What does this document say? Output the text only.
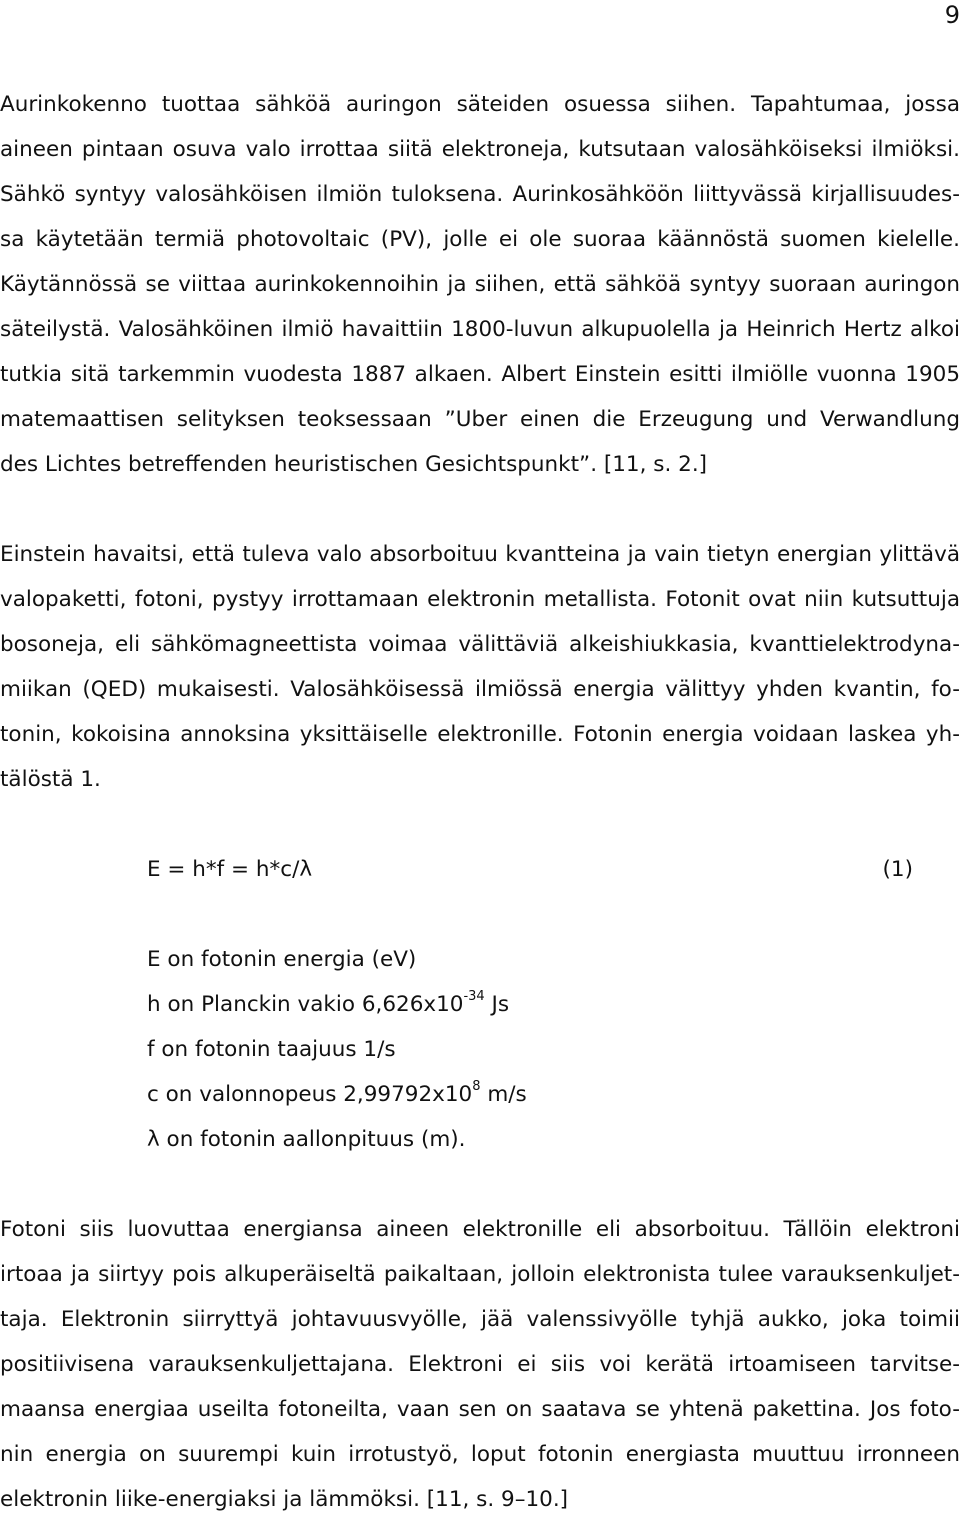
9
Aurinkokenno tuottaa sähköä auringon säteiden osuessa siihen. Tapahtumaa, jossa
aineen pintaan osuva valo irrottaa siitä elektroneja, kutsutaan valosähköiseksi ilmiöksi.
Sähkö syntyy valosähköisen ilmiön tuloksena. Aurinkosähköön liittyvässä kirjallisuudes-
sa käytetään termiä photovoltaic (PV), jolle ei ole suoraa käännöstä suomen kielelle.
Käytännössä se viittaa aurinkokennoihin ja siihen, että sähköä syntyy suoraan auringon
säteilystä. Valosähköinen ilmiö havaittiin 1800-luvun alkupuolella ja Heinrich Hertz alkoi
tutkia sitä tarkemmin vuodesta 1887 alkaen. Albert Einstein esitti ilmiölle vuonna 1905
matemaattisen selityksen teoksessaan ”Uber einen die Erzeugung und Verwandlung
des Lichtes betreffenden heuristischen Gesichtspunkt”. [11, s. 2.]
Einstein havaitsi, että tuleva valo absorboituu kvantteina ja vain tietyn energian ylittävä
valopaketti, fotoni, pystyy irrottamaan elektronin metallista. Fotonit ovat niin kutsuttuja
bosoneja, eli sähkömagneettista voimaa välittäviä alkeishiukkasia, kvanttielektrodyna-
miikan (QED) mukaisesti. Valosähköisessä ilmiössä energia välittyy yhden kvantin, fo-
tonin, kokoisina annoksina yksittäiselle elektronille. Fotonin energia voidaan laskea yh-
tälöstä 1.
E = h*f = h*c/λ	(1)
E on fotonin energia (eV)
h on Planckin vakio $6,626x10^{-34}$ Js
f on fotonin taajuus 1/s
c on valonnopeus $2,99792x10^8$ m/s
λ on fotonin aallonpituus (m).
Fotoni siis luovuttaa energiansa aineen elektronille eli absorboituu. Tällöin elektroni
irtoaa ja siirtyy pois alkuperäiseltä paikaltaan, jolloin elektronista tulee varauksenkuljet-
taja. Elektronin siirryttyä johtavuusvyölle, jää valenssivyölle tyhjä aukko, joka toimii
positiivisena varauksenkuljettajana. Elektroni ei siis voi kerätä irtoamiseen tarvitse-
maansa energiaa useilta fotoneilta, vaan sen on saatava se yhtenä pakettina. Jos foto-
nin energia on suurempi kuin irrotustyö, loput fotonin energiasta muuttuu irronneen
elektronin liike-energiaksi ja lämmöksi. [11, s. 9–10.]
